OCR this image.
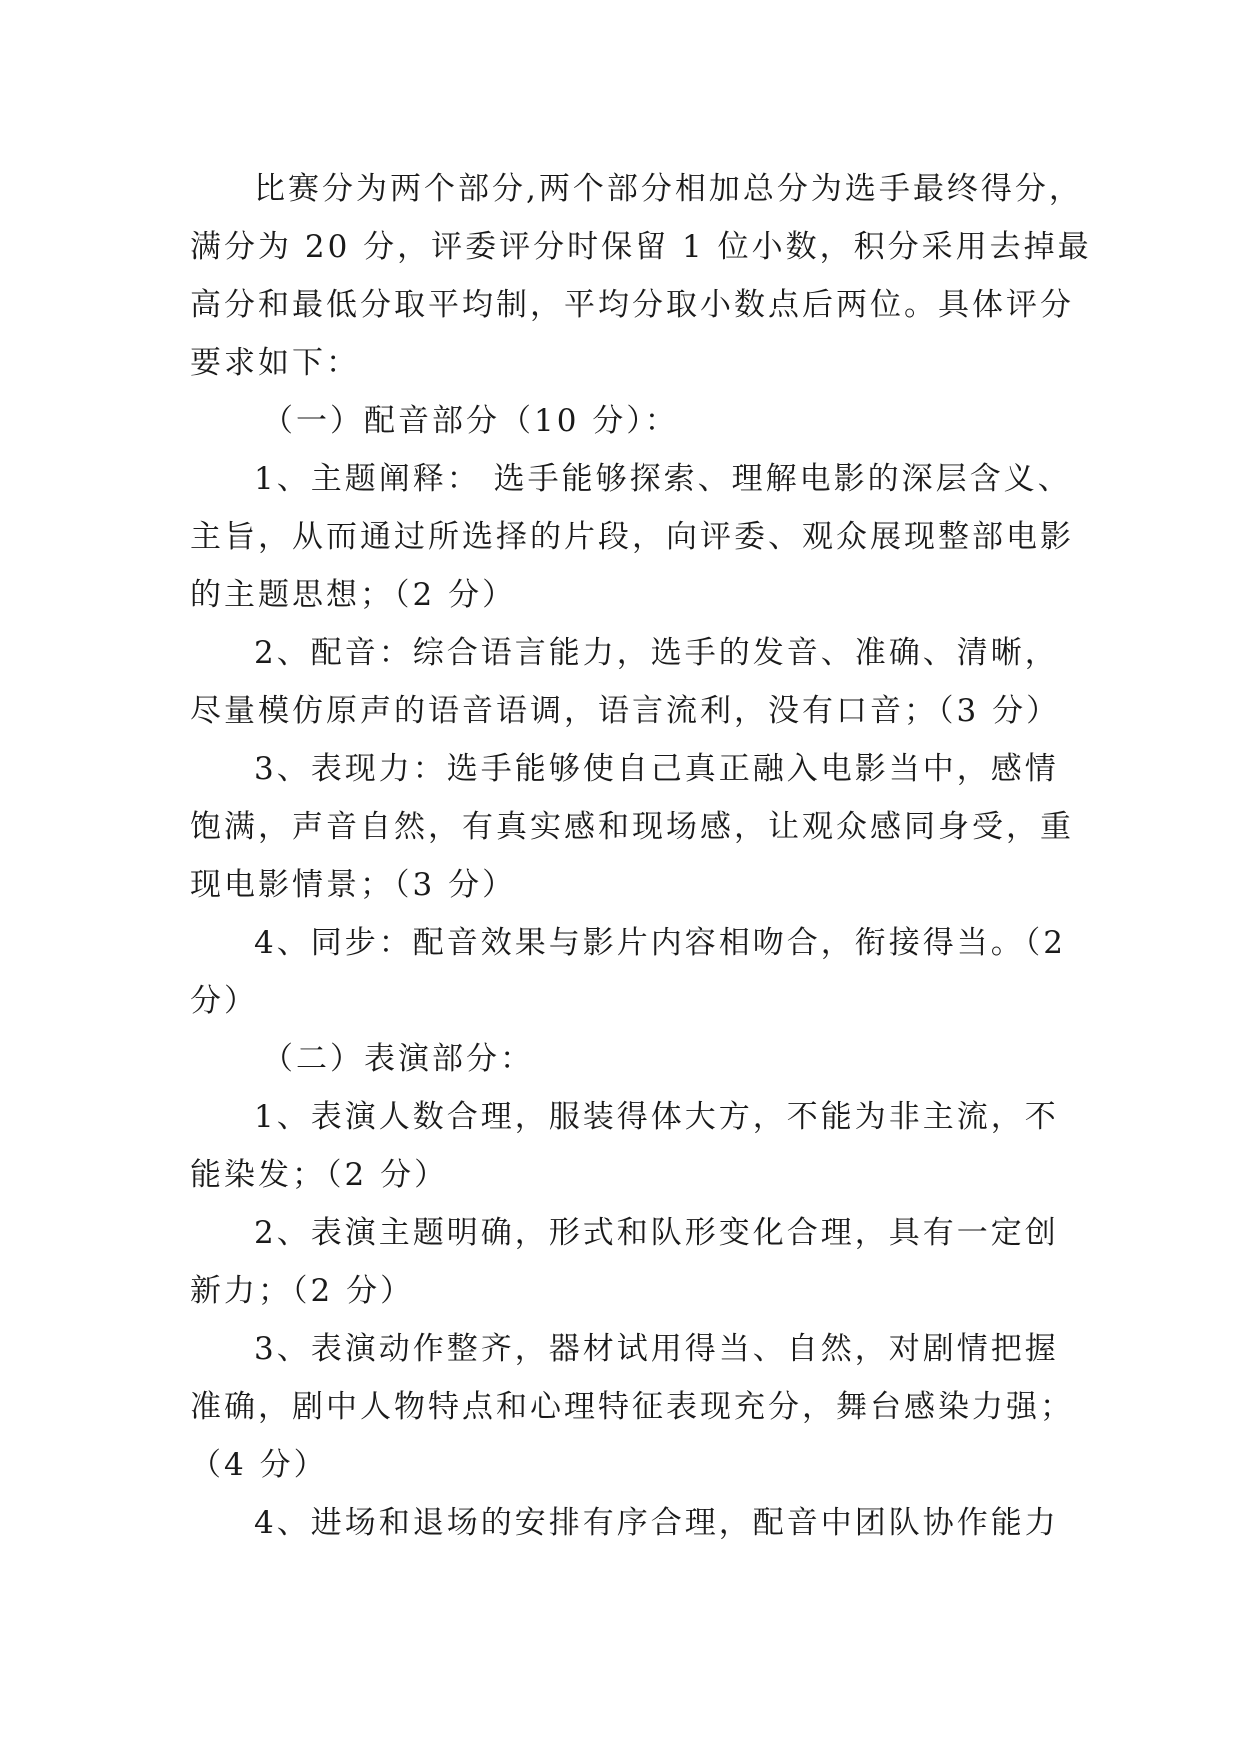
比赛分为两个部分,两个部分相加总分为选手最终得分，
满分为 20 分，评委评分时保留 1 位小数，积分采用去掉最
高分和最低分取平均制，平均分取小数点后两位。具体评分
要求如下：
（一）配音部分（10 分）：
1、主题阐释： 选手能够探索、理解电影的深层含义、
主旨，从而通过所选择的片段，向评委、观众展现整部电影
的主题思想；（2 分）
2、配音：综合语言能力，选手的发音、准确、清晰，
尽量模仿原声的语音语调，语言流利，没有口音；（3 分）
3、表现力：选手能够使自己真正融入电影当中，感情
饱满，声音自然，有真实感和现场感，让观众感同身受，重
现电影情景；（3 分）
4、同步：配音效果与影片内容相吻合，衔接得当。（2
分）
（二）表演部分：
1、表演人数合理，服装得体大方，不能为非主流，不
能染发；（2 分）
2、表演主题明确，形式和队形变化合理，具有一定创
新力；（2 分）
3、表演动作整齐，器材试用得当、自然，对剧情把握
准确，剧中人物特点和心理特征表现充分，舞台感染力强；
（4 分）
4、进场和退场的安排有序合理，配音中团队协作能力
